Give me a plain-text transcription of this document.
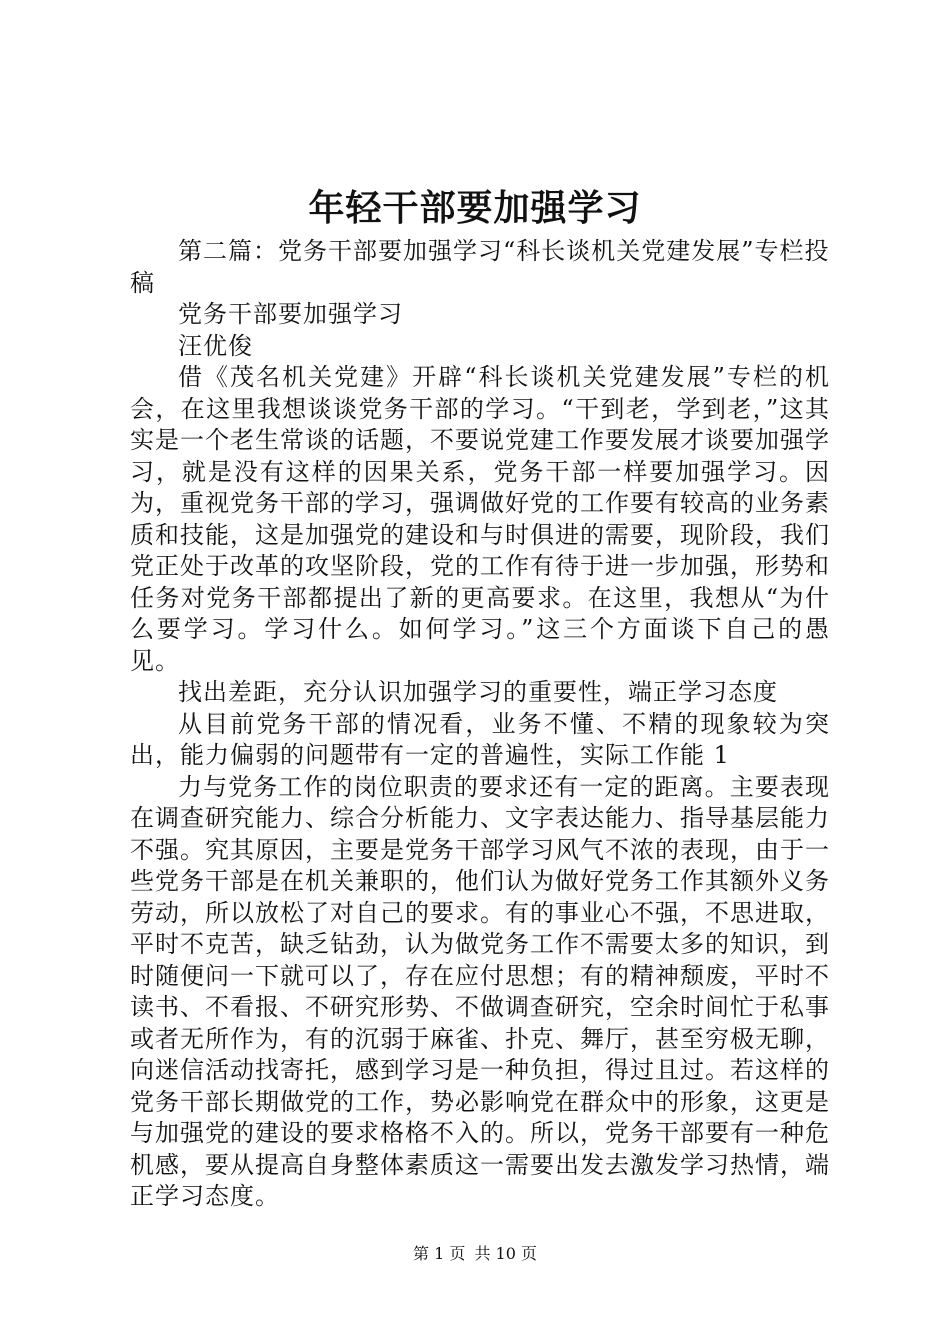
年轻干部要加强学习

第二篇：党务干部要加强学习“科长谈机关党建发展”专栏投稿

党务干部要加强学习

汪优俊

借《茂名机关党建》开辟“科长谈机关党建发展”专栏的机会，在这里我想谈谈党务干部的学习。“干到老，学到老，”这其实是一个老生常谈的话题，不要说党建工作要发展才谈要加强学习，就是没有这样的因果关系，党务干部一样要加强学习。因为，重视党务干部的学习，强调做好党的工作要有较高的业务素质和技能，这是加强党的建设和与时俱进的需要，现阶段，我们党正处于改革的攻坚阶段，党的工作有待于进一步加强，形势和任务对党务干部都提出了新的更高要求。在这里，我想从“为什么要学习。学习什么。如何学习。”这三个方面谈下自己的愚见。

找出差距，充分认识加强学习的重要性，端正学习态度

从目前党务干部的情况看，业务不懂、不精的现象较为突出，能力偏弱的问题带有一定的普遍性，实际工作能 1

力与党务工作的岗位职责的要求还有一定的距离。主要表现在调查研究能力、综合分析能力、文字表达能力、指导基层能力不强。究其原因，主要是党务干部学习风气不浓的表现，由于一些党务干部是在机关兼职的，他们认为做好党务工作其额外义务劳动，所以放松了对自己的要求。有的事业心不强，不思进取，平时不克苦，缺乏钻劲，认为做党务工作不需要太多的知识，到时随便问一下就可以了，存在应付思想；有的精神颓废，平时不读书、不看报、不研究形势、不做调查研究，空余时间忙于私事或者无所作为，有的沉弱于麻雀、扑克、舞厅，甚至穷极无聊，向迷信活动找寄托，感到学习是一种负担，得过且过。若这样的党务干部长期做党的工作，势必影响党在群众中的形象，这更是与加强党的建设的要求格格不入的。所以，党务干部要有一种危机感，要从提高自身整体素质这一需要出发去激发学习热情，端正学习态度。

第 1 页 共 10 页
